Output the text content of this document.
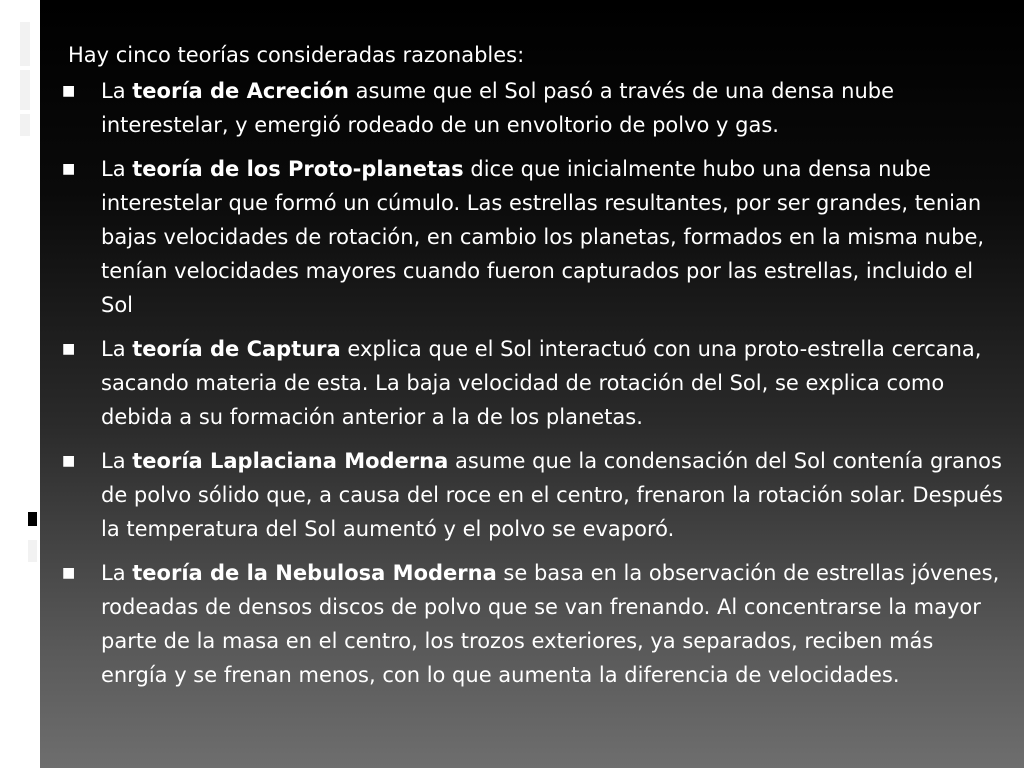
Hay cinco teorías consideradas razonables:
■ La teoría de Acreción asume que el Sol pasó a través de una densa nube interestelar, y emergió rodeado de un envoltorio de polvo y gas.
■ La teoría de los Proto-planetas dice que inicialmente hubo una densa nube interestelar que formó un cúmulo. Las estrellas resultantes, por ser grandes, tenian bajas velocidades de rotación, en cambio los planetas, formados en la misma nube, tenían velocidades mayores cuando fueron capturados por las estrellas, incluido el Sol
■ La teoría de Captura explica que el Sol interactuó con una proto-estrella cercana, sacando materia de esta. La baja velocidad de rotación del Sol, se explica como debida a su formación anterior a la de los planetas.
■ La teoría Laplaciana Moderna asume que la condensación del Sol contenía granos de polvo sólido que, a causa del roce en el centro, frenaron la rotación solar. Después la temperatura del Sol aumentó y el polvo se evaporó.
■ La teoría de la Nebulosa Moderna se basa en la observación de estrellas jóvenes, rodeadas de densos discos de polvo que se van frenando. Al concentrarse la mayor parte de la masa en el centro, los trozos exteriores, ya separados, reciben más enrgía y se frenan menos, con lo que aumenta la diferencia de velocidades.
